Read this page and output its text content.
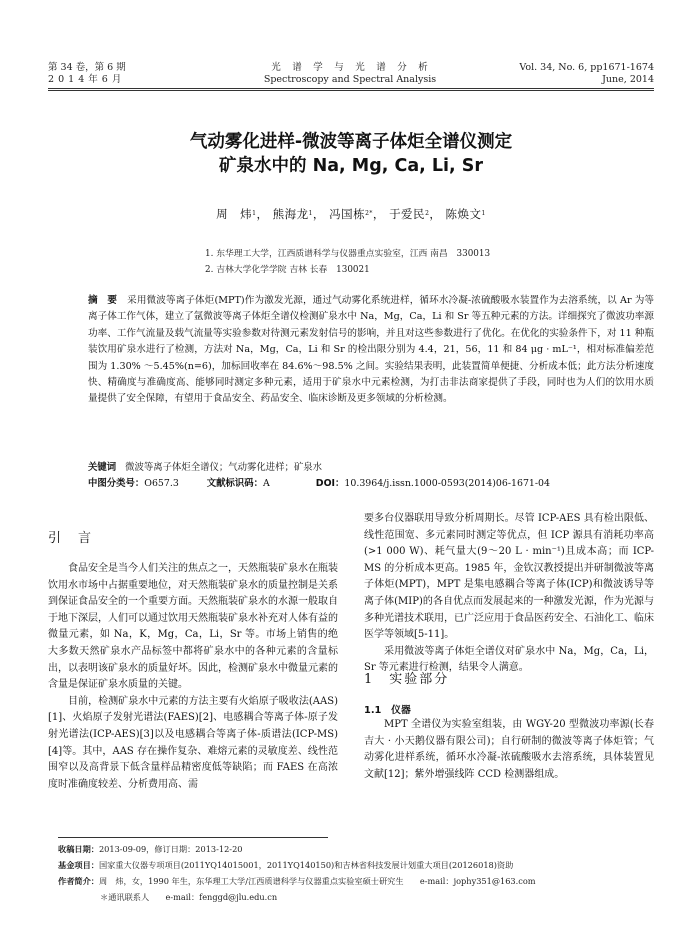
第 34 卷，第 6 期
2 0 1 4 年 6 月
光　谱　学　与　光　谱　分　析
Spectroscopy and Spectral Analysis
Vol. 34, No. 6, pp1671-1674
June, 2014
气动雾化进样-微波等离子体炬全谱仪测定
矿泉水中的 Na, Mg, Ca, Li, Sr
周　炜$^1$， 熊海龙$^1$， 冯国栋$^{2*}$， 于爱民$^2$， 陈焕文$^1$
1. 东华理工大学，江西质谱科学与仪器重点实验室，江西 南昌　330013
2. 吉林大学化学学院 吉林 长春　130021
摘　要 采用微波等离子体炬(MPT)作为激发光源，通过气动雾化系统进样，循环水冷凝-浓硫酸吸水装置作为去溶系统，以 Ar 为等离子体工作气体，建立了氩微波等离子体炬全谱仪检测矿泉水中 Na，Mg，Ca，Li 和 Sr 等五种元素的方法。详细探究了微波功率源功率、工作气流量及载气流量等实验参数对待测元素发射信号的影响，并且对这些参数进行了优化。在优化的实验条件下，对 11 种瓶装饮用矿泉水进行了检测，方法对 Na，Mg，Ca，Li 和 Sr 的检出限分别为 4.4，21，56，11 和 84 μg · mL⁻¹，相对标准偏差范围为 1.30% ～5.45%(n=6)，加标回收率在 84.6%～98.5% 之间。实验结果表明，此装置简单便捷、分析成本低；此方法分析速度快、精确度与准确度高、能够同时测定多种元素，适用于矿泉水中元素检测，为打击非法商家提供了手段，同时也为人们的饮用水质量提供了安全保障，有望用于食品安全、药品安全、临床诊断及更多领域的分析检测。
关键词 微波等离子体炬全谱仪；气动雾化进样；矿泉水
中图分类号：O657.3	文献标识码：A	DOI：10.3964/j.issn.1000-0593(2014)06-1671-04
引　言

食品安全是当今人们关注的焦点之一，天然瓶装矿泉水在瓶装饮用水市场中占据重要地位，对天然瓶装矿泉水的质量控制是关系到保证食品安全的一个重要方面。天然瓶装矿泉水的水源一般取自于地下深层，人们可以通过饮用天然瓶装矿泉水补充对人体有益的微量元素，如 Na，K，Mg，Ca，Li，Sr 等。市场上销售的绝大多数天然矿泉水产品标签中都将矿泉水中的各种元素的含量标出，以表明该矿泉水的质量好坏。因此，检测矿泉水中微量元素的含量是保证矿泉水质量的关键。

目前，检测矿泉水中元素的方法主要有火焰原子吸收法(AAS)[1]、火焰原子发射光谱法(FAES)[2]、电感耦合等离子体-原子发射光谱法(ICP-AES)[3]以及电感耦合等离子体-质谱法(ICP-MS)[4]等。其中，AAS 存在操作复杂、难熔元素的灵敏度差、线性范围窄以及高背景下低含量样品精密度低等缺陷；而 FAES 在高浓度时准确度较差、分析费用高、需

要多台仪器联用导致分析周期长。尽管 ICP-AES 具有检出限低、线性范围宽、多元素同时测定等优点，但 ICP 源具有消耗功率高(>1 000 W)、耗气量大(9～20 L · min⁻¹)且成本高；而 ICP-MS 的分析成本更高。1985 年，金钦汉教授提出并研制微波等离子体炬(MPT)，MPT 是集电感耦合等离子体(ICP)和微波诱导等离子体(MIP)的各自优点而发展起来的一种激发光源，作为光源与多种光谱技术联用，已广泛应用于食品医药安全、石油化工、临床医学等领域[5-11]。

采用微波等离子体炬全谱仪对矿泉水中 Na，Mg，Ca，Li，Sr 等元素进行检测，结果令人满意。

1　实验部分
1.1　仪器

MPT 全谱仪为实验室组装，由 WGY-20 型微波功率源(长春吉大 · 小天鹅仪器有限公司)；自行研制的微波等离子体炬管；气动雾化进样系统，循环水冷凝-浓硫酸吸水去溶系统，具体装置见文献[12]；紫外增强线阵 CCD 检测器组成。

收稿日期：2013-09-09，修订日期：2013-12-20
基金项目：国家重大仪器专项项目(2011YQ14015001，2011YQ140150)和吉林省科技发展计划重大项目(20126018)资助
作者简介：周　炜，女，1990 年生，东华理工大学/江西质谱科学与仪器重点实验室硕士研究生　　e-mail：jophy351@163.com
＊通讯联系人　　e-mail：fenggd@jlu.edu.cn
